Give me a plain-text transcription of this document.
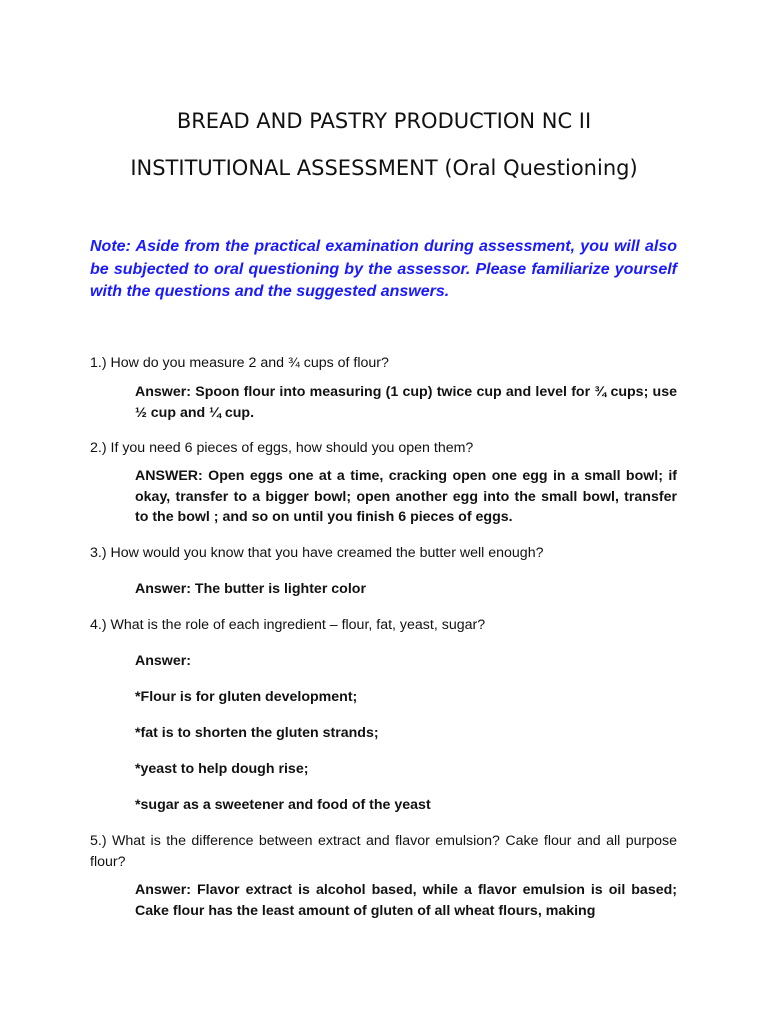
BREAD AND PASTRY PRODUCTION NC II
INSTITUTIONAL ASSESSMENT (Oral Questioning)
Note: Aside from the practical examination during assessment, you will also be subjected to oral questioning by the assessor. Please familiarize yourself with the questions and the suggested answers.
1.) How do you measure 2 and ¾ cups of flour?
Answer: Spoon flour into measuring (1 cup) twice cup and level for ¾ cups; use ½ cup and ¼ cup.
2.) If you need 6 pieces of eggs, how should you open them?
ANSWER: Open eggs one at a time, cracking open one egg in a small bowl; if okay, transfer to a bigger bowl; open another egg into the small bowl, transfer to the bowl ; and so on until you finish 6 pieces of eggs.
3.) How would you know that you have creamed the butter well enough?
Answer: The butter is lighter color
4.) What is the role of each ingredient – flour, fat, yeast, sugar?
Answer:
*Flour is for gluten development;
*fat is to shorten the gluten strands;
*yeast to help dough rise;
*sugar as a sweetener and food of the yeast
5.) What is the difference between extract and flavor emulsion? Cake flour and all purpose flour?
Answer: Flavor extract is alcohol based, while a flavor emulsion is oil based; Cake flour has the least amount of gluten of all wheat flours, making
